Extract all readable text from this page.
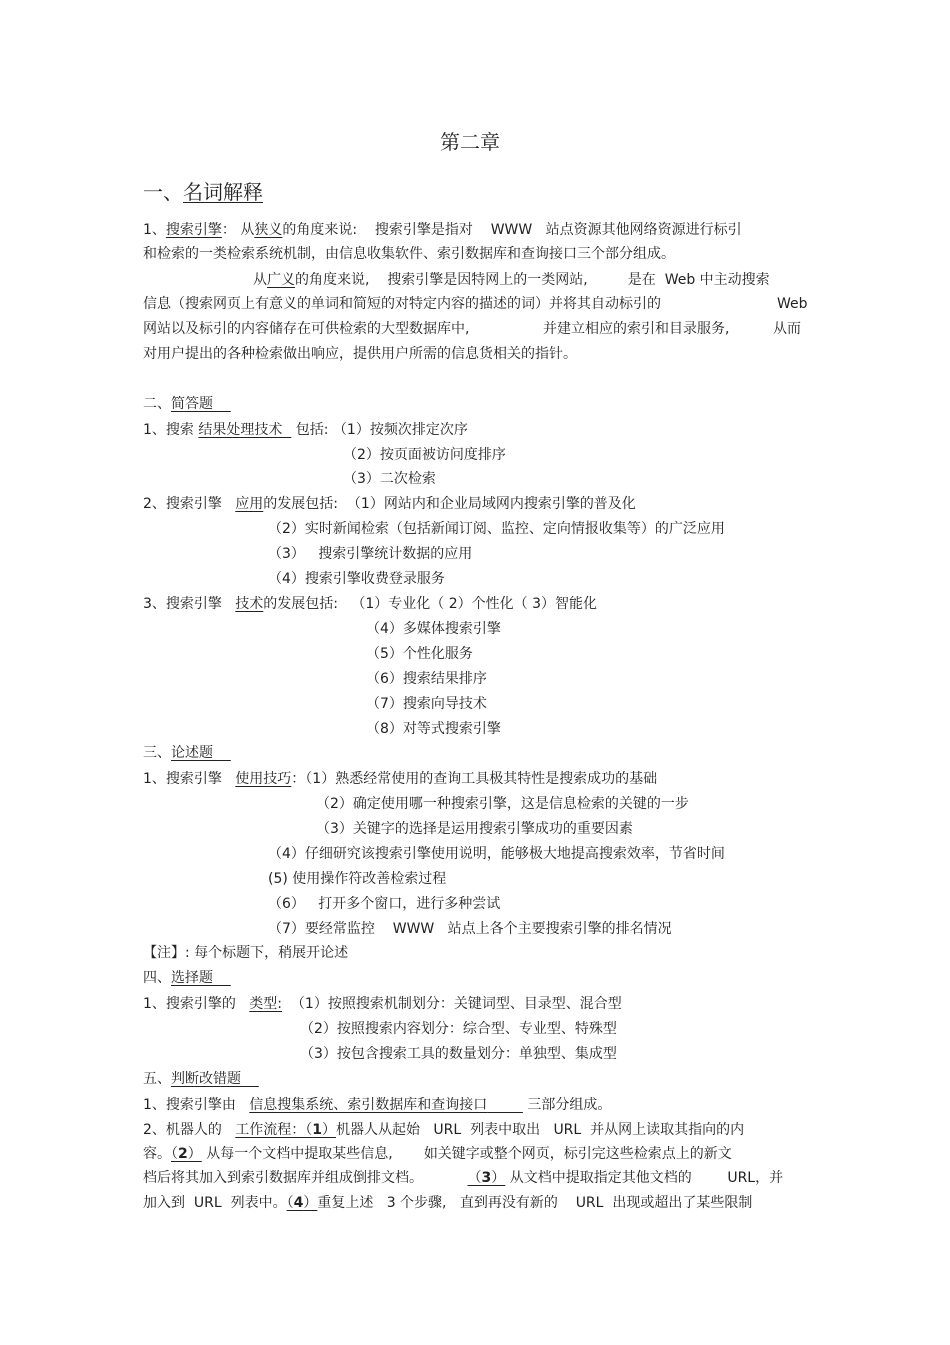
第二章
一、名词解释
1、搜索引擎： 从狭义的角度来说: 搜索引擎是指对 WWW 站点资源其他网络资源进行标引
和检索的一类检索系统机制，由信息收集软件、索引数据库和查询接口三个部分组成。
从广义的角度来说, 搜索引擎是因特网上的一类网站,	是在 Web 中主动搜索
信息（搜索网页上有意义的单词和简短的对特定内容的描述的词）并将其自动标引的	Web
网站以及标引的内容储存在可供检索的大型数据库中,	并建立相应的索引和目录服务,	从而
对用户提出的各种检索做出响应，提供用户所需的信息货相关的指针。
二、简答题
1、搜索 结果处理技术 包括: （1）按频次排定次序
（2）按页面被访问度排序
（3）二次检索
2、搜索引擎 应用的发展包括: （1）网站内和企业局域网内搜索引擎的普及化
（2）实时新闻检索（包括新闻订阅、监控、定向情报收集等）的广泛应用
（3） 搜索引擎统计数据的应用
（4）搜索引擎收费登录服务
3、搜索引擎 技术的发展包括: （1）专业化（ 2）个性化（ 3）智能化
（4）多媒体搜索引擎
（5）个性化服务
（6）搜索结果排序
（7）搜索向导技术
（8）对等式搜索引擎
三、论述题
1、搜索引擎 使用技巧：（1）熟悉经常使用的查询工具极其特性是搜索成功的基础
（2）确定使用哪一种搜索引擎，这是信息检索的关键的一步
（3）关键字的选择是运用搜索引擎成功的重要因素
（4）仔细研究该搜索引擎使用说明，能够极大地提高搜索效率，节省时间
(5) 使用操作符改善检索过程
（6） 打开多个窗口，进行多种尝试
（7）要经常监控 WWW 站点上各个主要搜索引擎的排名情况
【注】: 每个标题下，稍展开论述
四、选择题
1、搜索引擎的 类型: （1）按照搜索机制划分：关键词型、目录型、混合型
（2）按照搜索内容划分：综合型、专业型、特殊型
（3）按包含搜索工具的数量划分：单独型、集成型
五、判断改错题
1、搜索引擎由 信息搜集系统、索引数据库和查询接口	三部分组成。
2、机器人的 工作流程：（1）机器人从起始 URL 列表中取出 URL 并从网上读取其指向的内
容。（2） 从每一个文档中提取某些信息, 如关键字或整个网页，标引完这些检索点上的新文
档后将其加入到索引数据库并组成倒排文档。	（3） 从文档中提取指定其他文档的	URL，并
加入到 URL 列表中。（4）重复上述 3 个步骤, 直到再没有新的 URL 出现或超出了某些限制
